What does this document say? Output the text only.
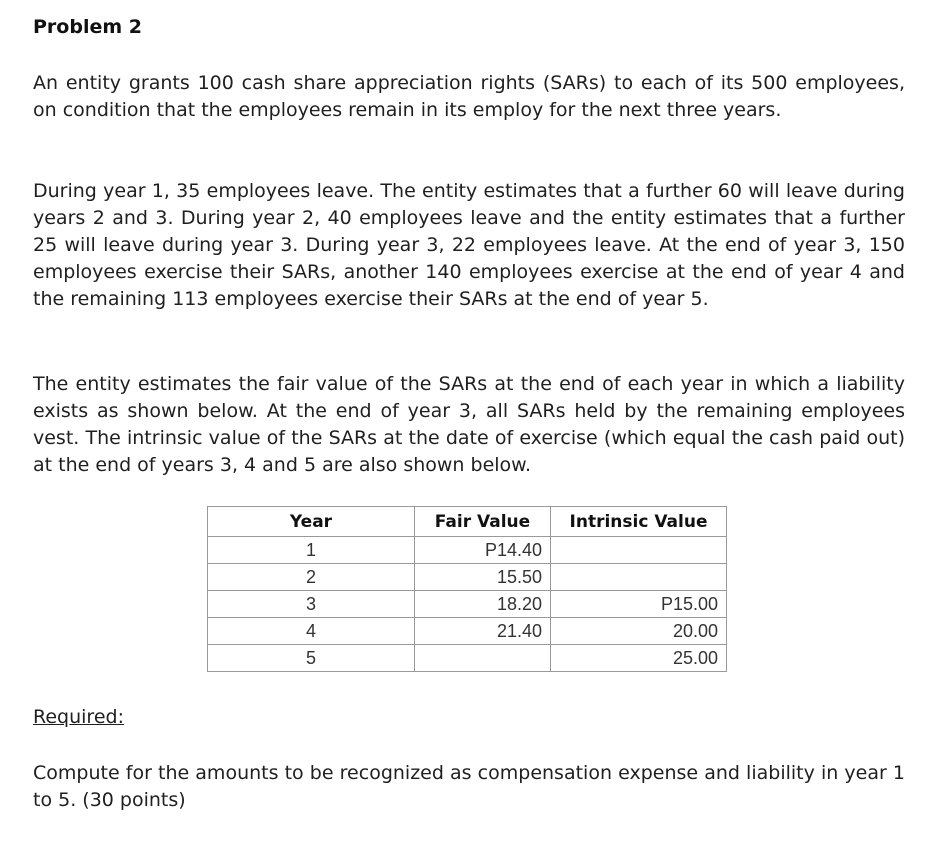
Problem 2

An entity grants 100 cash share appreciation rights (SARs) to each of its 500 employees, on condition that the employees remain in its employ for the next three years.

During year 1, 35 employees leave. The entity estimates that a further 60 will leave during years 2 and 3. During year 2, 40 employees leave and the entity estimates that a further 25 will leave during year 3. During year 3, 22 employees leave. At the end of year 3, 150 employees exercise their SARs, another 140 employees exercise at the end of year 4 and the remaining 113 employees exercise their SARs at the end of year 5.

The entity estimates the fair value of the SARs at the end of each year in which a liability exists as shown below. At the end of year 3, all SARs held by the remaining employees vest. The intrinsic value of the SARs at the date of exercise (which equal the cash paid out) at the end of years 3, 4 and 5 are also shown below.

Year	Fair Value	Intrinsic Value
1	P14.40	
2	15.50	
3	18.20	P15.00
4	21.40	20.00
5		25.00
Required:

Compute for the amounts to be recognized as compensation expense and liability in year 1 to 5. (30 points)
